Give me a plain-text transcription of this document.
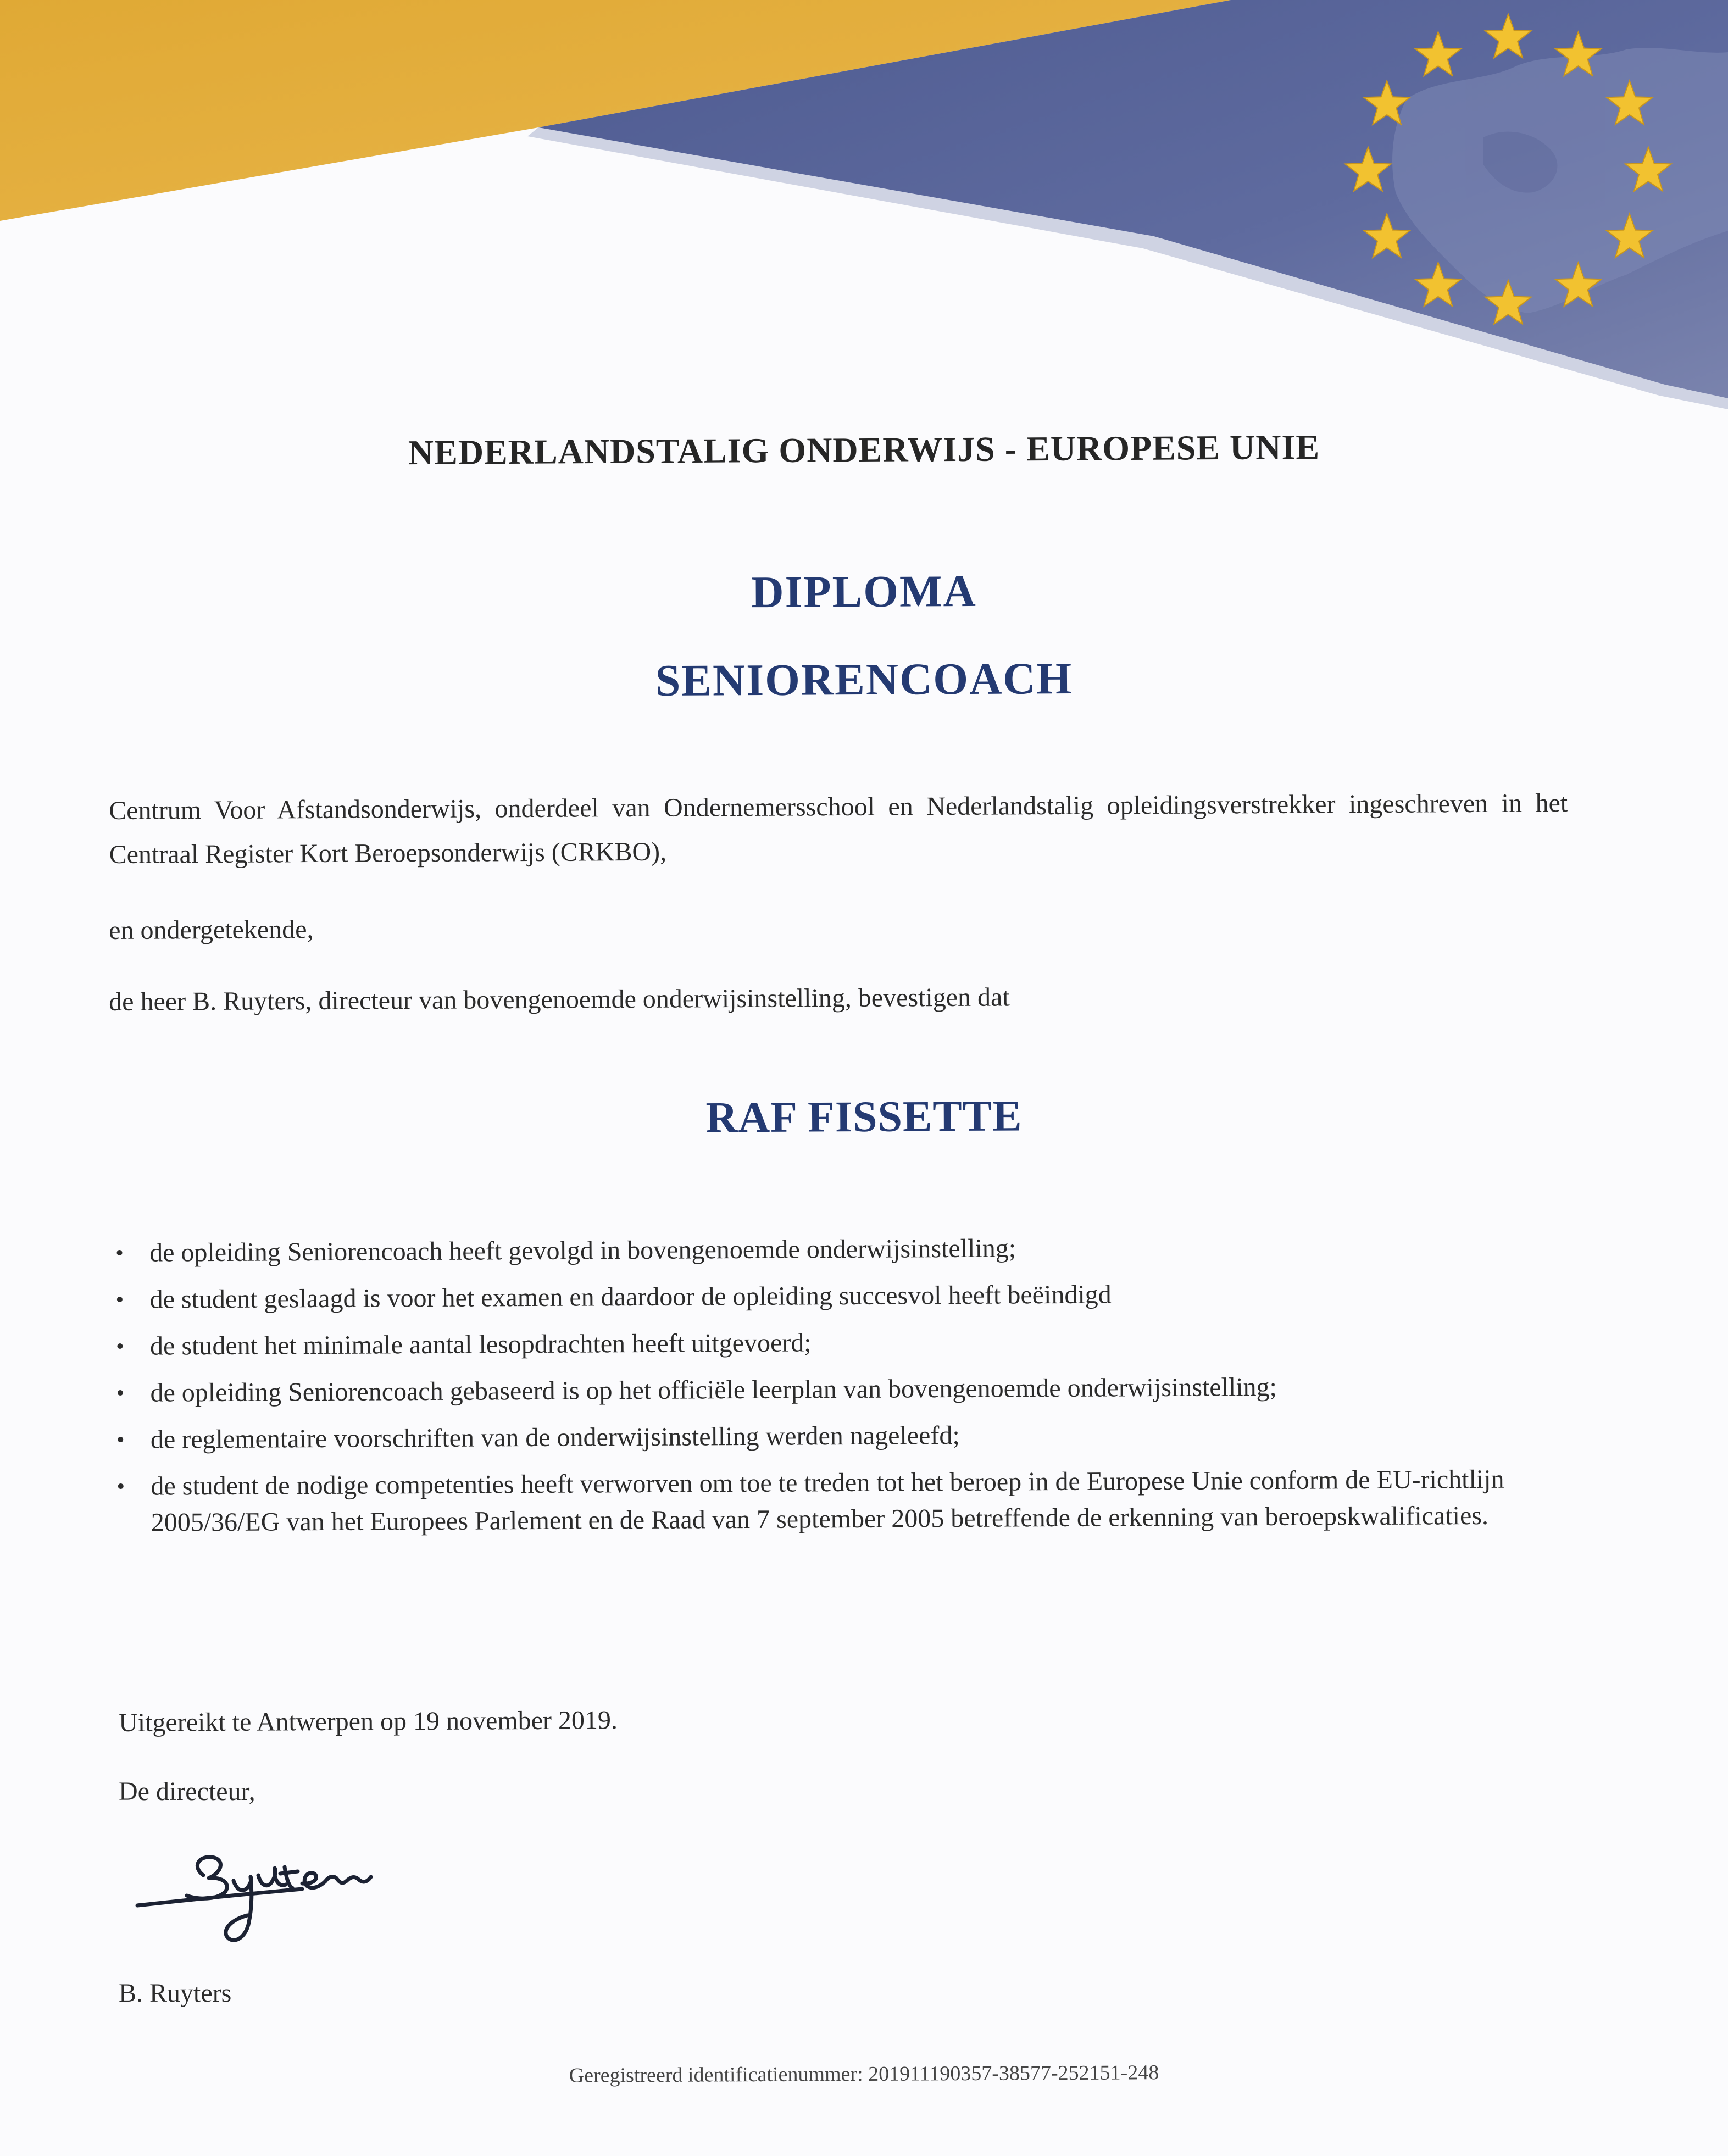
NEDERLANDSTALIG ONDERWIJS - EUROPESE UNIE
DIPLOMA
SENIORENCOACH
Centrum Voor Afstandsonderwijs, onderdeel van Ondernemersschool en Nederlandstalig opleidingsverstrekker ingeschreven in het Centraal Register Kort Beroepsonderwijs (CRKBO),
en ondergetekende,
de heer B. Ruyters, directeur van bovengenoemde onderwijsinstelling, bevestigen dat
RAF FISSETTE
• de opleiding Seniorencoach heeft gevolgd in bovengenoemde onderwijsinstelling;
• de student geslaagd is voor het examen en daardoor de opleiding succesvol heeft beëindigd
• de student het minimale aantal lesopdrachten heeft uitgevoerd;
• de opleiding Seniorencoach gebaseerd is op het officiële leerplan van bovengenoemde onderwijsinstelling;
• de reglementaire voorschriften van de onderwijsinstelling werden nageleefd;
• de student de nodige competenties heeft verworven om toe te treden tot het beroep in de Europese Unie conform de EU-richtlijn 2005/36/EG van het Europees Parlement en de Raad van 7 september 2005 betreffende de erkenning van beroepskwalificaties.
Uitgereikt te Antwerpen op 19 november 2019.
De directeur,
B. Ruyters
Geregistreerd identificatienummer: 201911190357-38577-252151-248
